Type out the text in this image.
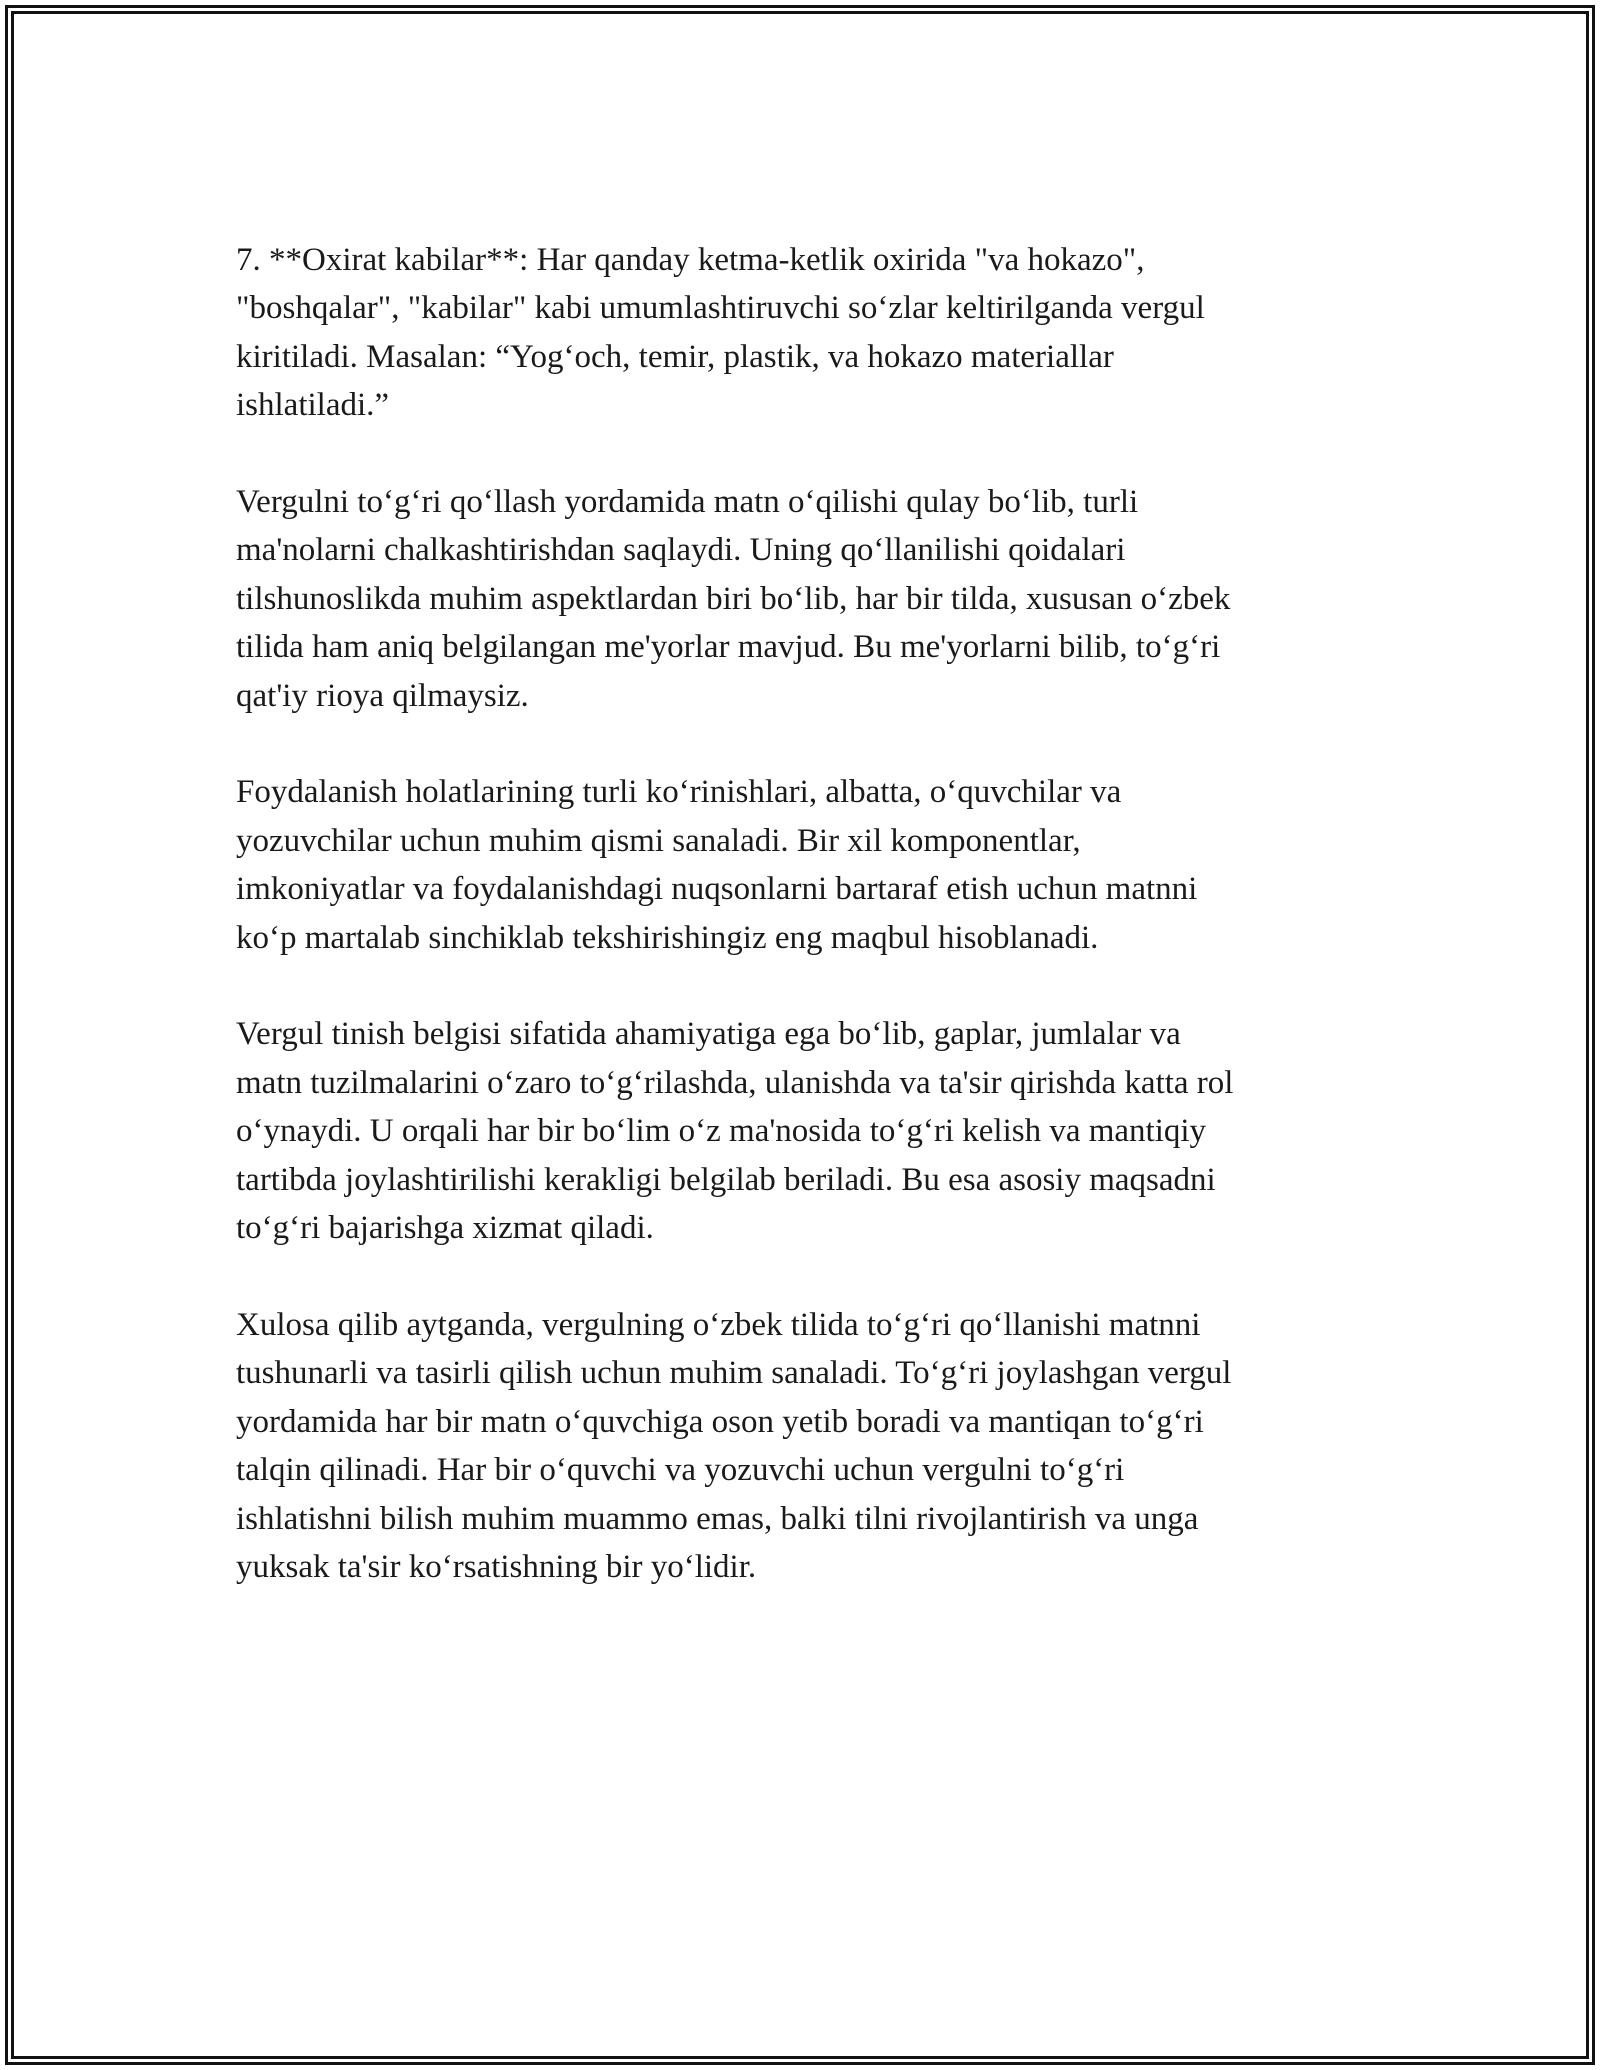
7. **Oxirat kabilar**: Har qanday ketma-ketlik oxirida "va hokazo",
"boshqalar", "kabilar" kabi umumlashtiruvchi so‘zlar keltirilganda vergul
kiritiladi. Masalan: “Yog‘och, temir, plastik, va hokazo materiallar
ishlatiladi.”

Vergulni to‘g‘ri qo‘llash yordamida matn o‘qilishi qulay bo‘lib, turli
ma'nolarni chalkashtirishdan saqlaydi. Uning qo‘llanilishi qoidalari
tilshunoslikda muhim aspektlardan biri bo‘lib, har bir tilda, xususan o‘zbek
tilida ham aniq belgilangan me'yorlar mavjud. Bu me'yorlarni bilib, to‘g‘ri
qat'iy rioya qilmaysiz.

Foydalanish holatlarining turli ko‘rinishlari, albatta, o‘quvchilar va
yozuvchilar uchun muhim qismi sanaladi. Bir xil komponentlar,
imkoniyatlar va foydalanishdagi nuqsonlarni bartaraf etish uchun matnni
ko‘p martalab sinchiklab tekshirishingiz eng maqbul hisoblanadi.

Vergul tinish belgisi sifatida ahamiyatiga ega bo‘lib, gaplar, jumlalar va
matn tuzilmalarini o‘zaro to‘g‘rilashda, ulanishda va ta'sir qirishda katta rol
o‘ynaydi. U orqali har bir bo‘lim o‘z ma'nosida to‘g‘ri kelish va mantiqiy
tartibda joylashtirilishi kerakligi belgilab beriladi. Bu esa asosiy maqsadni
to‘g‘ri bajarishga xizmat qiladi.

Xulosa qilib aytganda, vergulning o‘zbek tilida to‘g‘ri qo‘llanishi matnni
tushunarli va tasirli qilish uchun muhim sanaladi. To‘g‘ri joylashgan vergul
yordamida har bir matn o‘quvchiga oson yetib boradi va mantiqan to‘g‘ri
talqin qilinadi. Har bir o‘quvchi va yozuvchi uchun vergulni to‘g‘ri
ishlatishni bilish muhim muammo emas, balki tilni rivojlantirish va unga
yuksak ta'sir ko‘rsatishning bir yo‘lidir.
